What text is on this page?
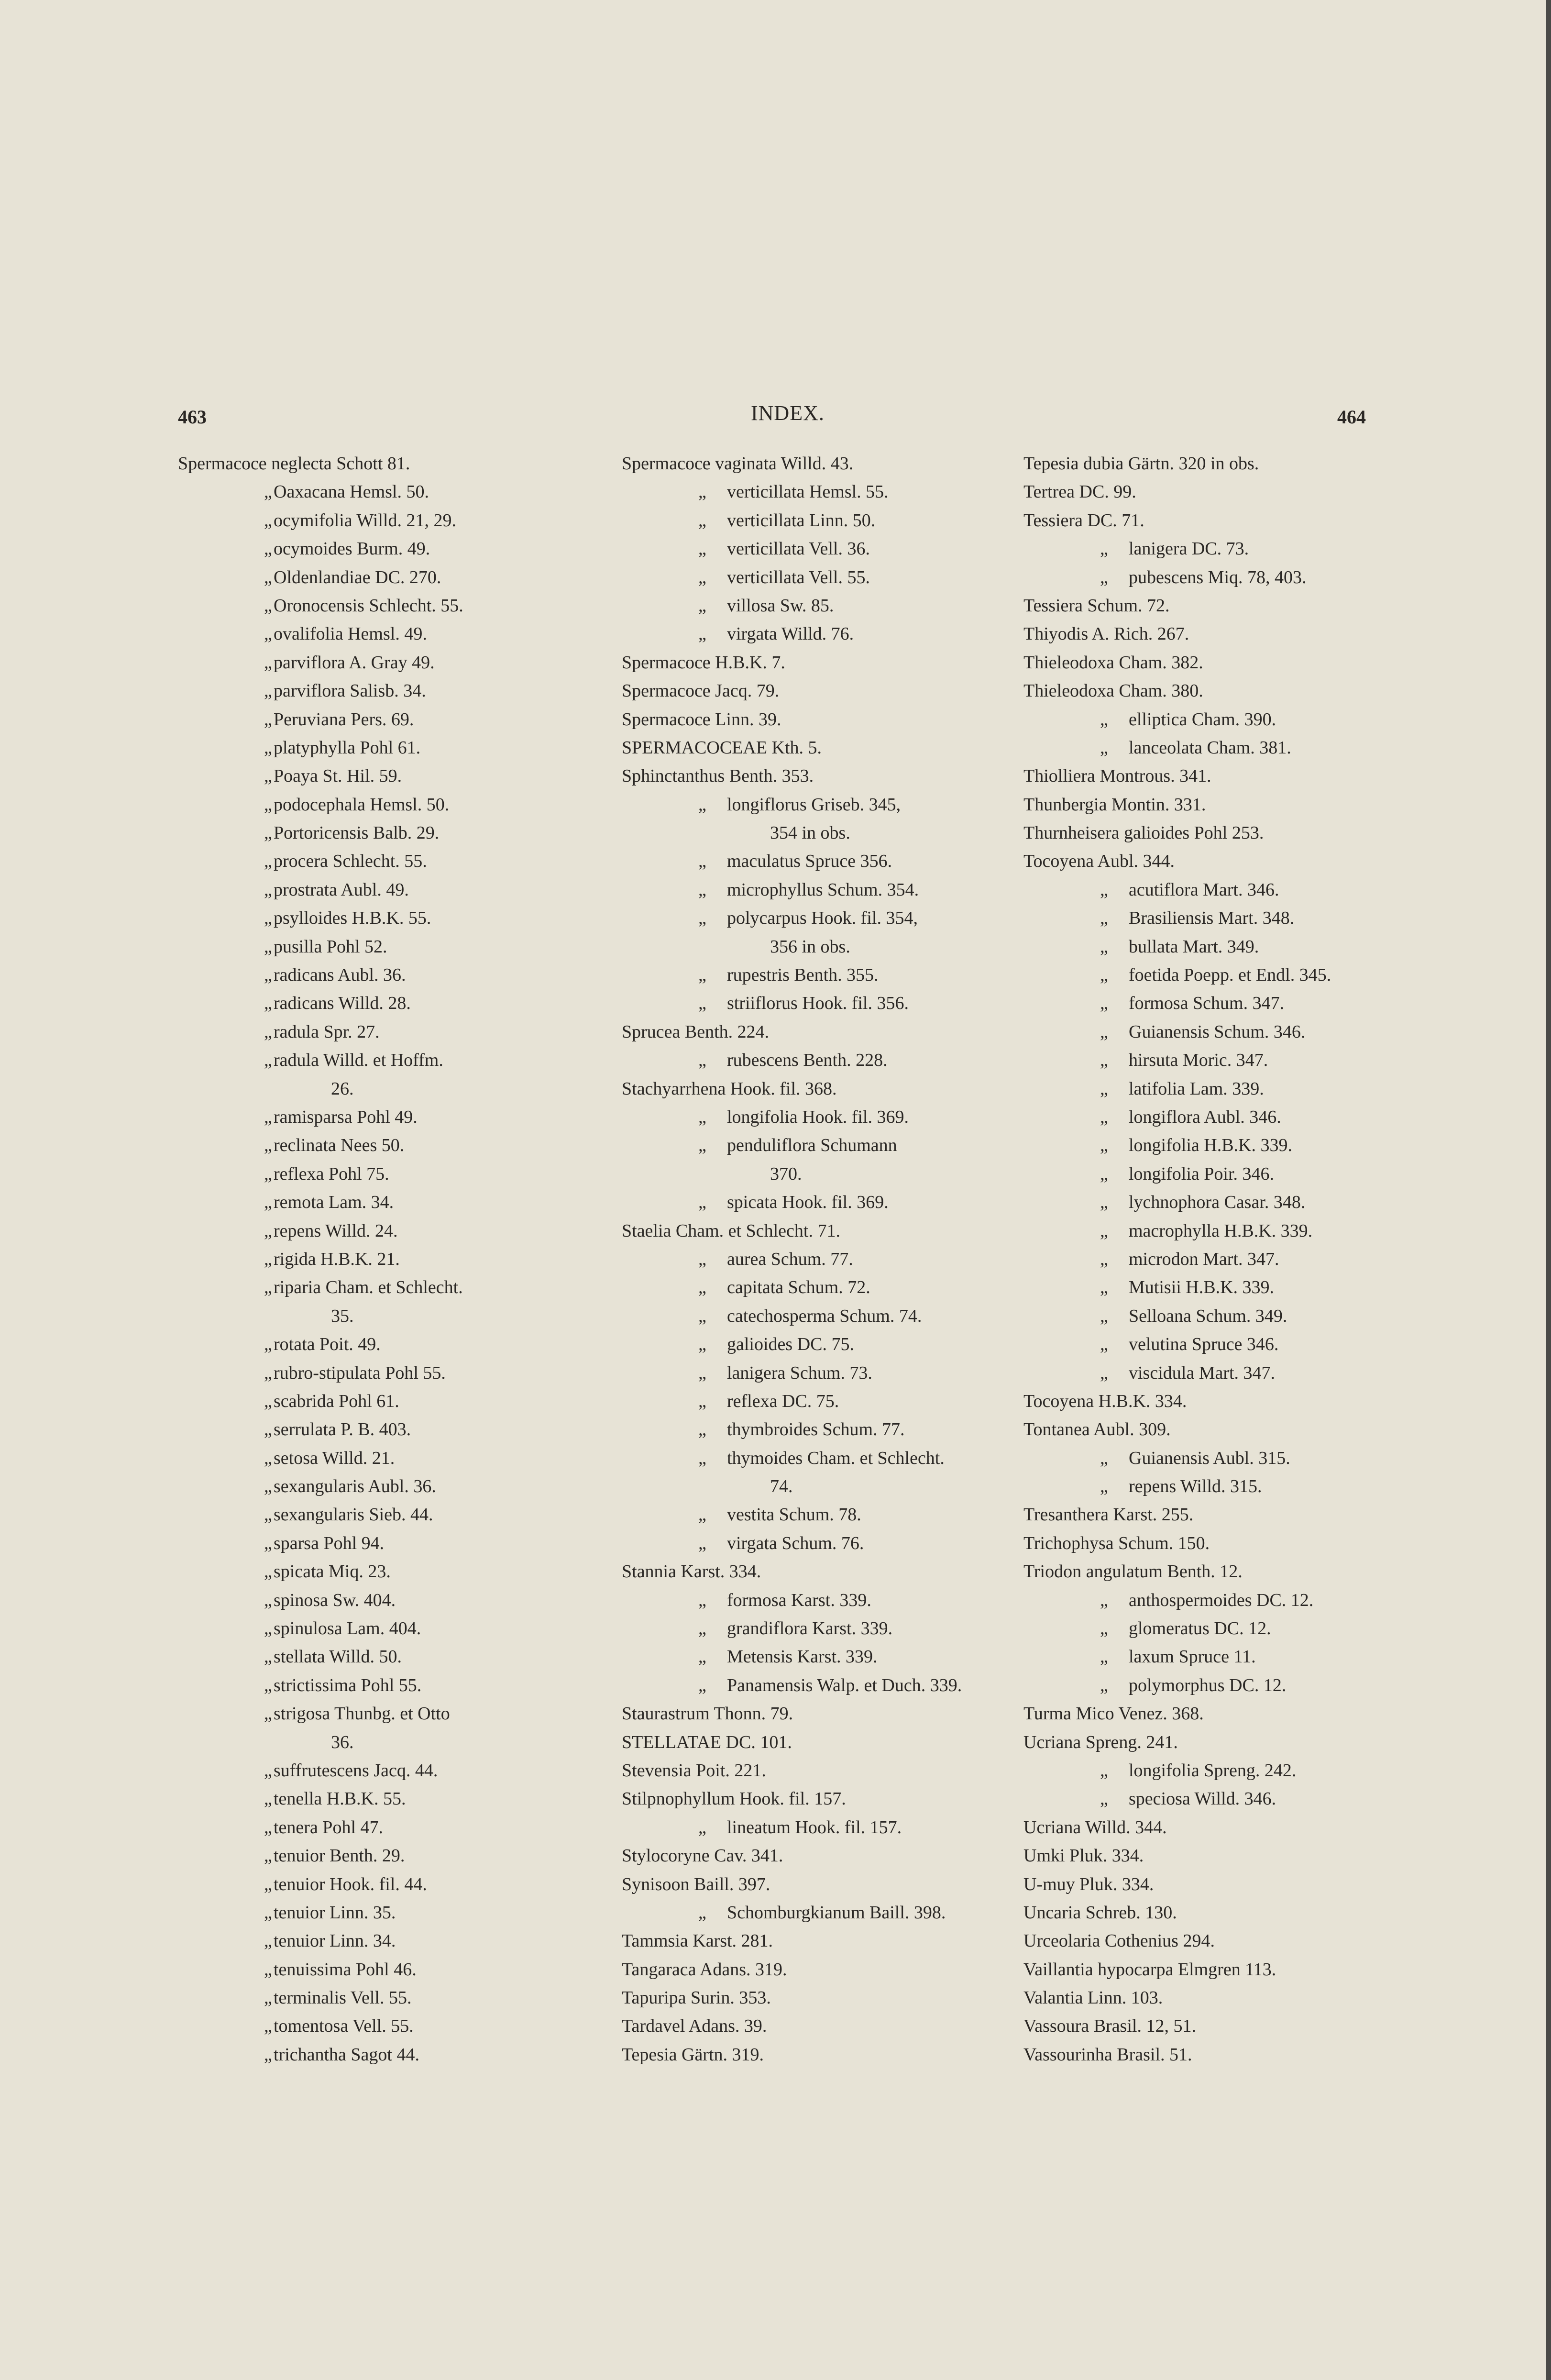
463	INDEX.	464
Spermacoce neglecta Schott 81.
„Oaxacana Hemsl. 50.
„ocymifolia Willd. 21, 29.
„ocymoides Burm. 49.
„Oldenlandiae DC. 270.
„Oronocensis Schlecht. 55.
„ovalifolia Hemsl. 49.
„parviflora A. Gray 49.
„parviflora Salisb. 34.
„Peruviana Pers. 69.
„platyphylla Pohl 61.
„Poaya St. Hil. 59.
„podocephala Hemsl. 50.
„Portoricensis Balb. 29.
„procera Schlecht. 55.
„prostrata Aubl. 49.
„psylloides H.B.K. 55.
„pusilla Pohl 52.
„radicans Aubl. 36.
„radicans Willd. 28.
„radula Spr. 27.
„radula Willd. et Hoffm.
26.
„ramisparsa Pohl 49.
„reclinata Nees 50.
„reflexa Pohl 75.
„remota Lam. 34.
„repens Willd. 24.
„rigida H.B.K. 21.
„riparia Cham. et Schlecht.
35.
„rotata Poit. 49.
„rubro-stipulata Pohl 55.
„scabrida Pohl 61.
„serrulata P. B. 403.
„setosa Willd. 21.
„sexangularis Aubl. 36.
„sexangularis Sieb. 44.
„sparsa Pohl 94.
„spicata Miq. 23.
„spinosa Sw. 404.
„spinulosa Lam. 404.
„stellata Willd. 50.
„strictissima Pohl 55.
„strigosa Thunbg. et Otto
36.
„suffrutescens Jacq. 44.
„tenella H.B.K. 55.
„tenera Pohl 47.
„tenuior Benth. 29.
„tenuior Hook. fil. 44.
„tenuior Linn. 35.
„tenuior Linn. 34.
„tenuissima Pohl 46.
„terminalis Vell. 55.
„tomentosa Vell. 55.
„trichantha Sagot 44.
Spermacoce vaginata Willd. 43.
„ verticillata Hemsl. 55.
„ verticillata Linn. 50.
„ verticillata Vell. 36.
„ verticillata Vell. 55.
„ villosa Sw. 85.
„ virgata Willd. 76.
Spermacoce H.B.K. 7.
Spermacoce Jacq. 79.
Spermacoce Linn. 39.
SPERMACOCEAE Kth. 5.
Sphinctanthus Benth. 353.
„ longiflorus Griseb. 345,
354 in obs.
„ maculatus Spruce 356.
„ microphyllus Schum. 354.
„ polycarpus Hook. fil. 354,
356 in obs.
„ rupestris Benth. 355.
„ striiflorus Hook. fil. 356.
Sprucea Benth. 224.
„ rubescens Benth. 228.
Stachyarrhena Hook. fil. 368.
„ longifolia Hook. fil. 369.
„ penduliflora Schumann
370.
„ spicata Hook. fil. 369.
Staelia Cham. et Schlecht. 71.
„ aurea Schum. 77.
„ capitata Schum. 72.
„ catechosperma Schum. 74.
„ galioides DC. 75.
„ lanigera Schum. 73.
„ reflexa DC. 75.
„ thymbroides Schum. 77.
„ thymoides Cham. et Schlecht.
74.
„ vestita Schum. 78.
„ virgata Schum. 76.
Stannia Karst. 334.
„ formosa Karst. 339.
„ grandiflora Karst. 339.
„ Metensis Karst. 339.
„ Panamensis Walp. et Duch. 339.
Staurastrum Thonn. 79.
STELLATAE DC. 101.
Stevensia Poit. 221.
Stilpnophyllum Hook. fil. 157.
„ lineatum Hook. fil. 157.
Stylocoryne Cav. 341.
Synisoon Baill. 397.
„ Schomburgkianum Baill. 398.
Tammsia Karst. 281.
Tangaraca Adans. 319.
Tapuripa Surin. 353.
Tardavel Adans. 39.
Tepesia Gärtn. 319.
Tepesia dubia Gärtn. 320 in obs.
Tertrea DC. 99.
Tessiera DC. 71.
„ lanigera DC. 73.
„ pubescens Miq. 78, 403.
Tessiera Schum. 72.
Thiyodis A. Rich. 267.
Thieleodoxa Cham. 382.
Thieleodoxa Cham. 380.
„ elliptica Cham. 390.
„ lanceolata Cham. 381.
Thiolliera Montrous. 341.
Thunbergia Montin. 331.
Thurnheisera galioides Pohl 253.
Tocoyena Aubl. 344.
„ acutiflora Mart. 346.
„ Brasiliensis Mart. 348.
„ bullata Mart. 349.
„ foetida Poepp. et Endl. 345.
„ formosa Schum. 347.
„ Guianensis Schum. 346.
„ hirsuta Moric. 347.
„ latifolia Lam. 339.
„ longiflora Aubl. 346.
„ longifolia H.B.K. 339.
„ longifolia Poir. 346.
„ lychnophora Casar. 348.
„ macrophylla H.B.K. 339.
„ microdon Mart. 347.
„ Mutisii H.B.K. 339.
„ Selloana Schum. 349.
„ velutina Spruce 346.
„ viscidula Mart. 347.
Tocoyena H.B.K. 334.
Tontanea Aubl. 309.
„ Guianensis Aubl. 315.
„ repens Willd. 315.
Tresanthera Karst. 255.
Trichophysa Schum. 150.
Triodon angulatum Benth. 12.
„ anthospermoides DC. 12.
„ glomeratus DC. 12.
„ laxum Spruce 11.
„ polymorphus DC. 12.
Turma Mico Venez. 368.
Ucriana Spreng. 241.
„ longifolia Spreng. 242.
„ speciosa Willd. 346.
Ucriana Willd. 344.
Umki Pluk. 334.
U-muy Pluk. 334.
Uncaria Schreb. 130.
Urceolaria Cothenius 294.
Vaillantia hypocarpa Elmgren 113.
Valantia Linn. 103.
Vassoura Brasil. 12, 51.
Vassourinha Brasil. 51.
